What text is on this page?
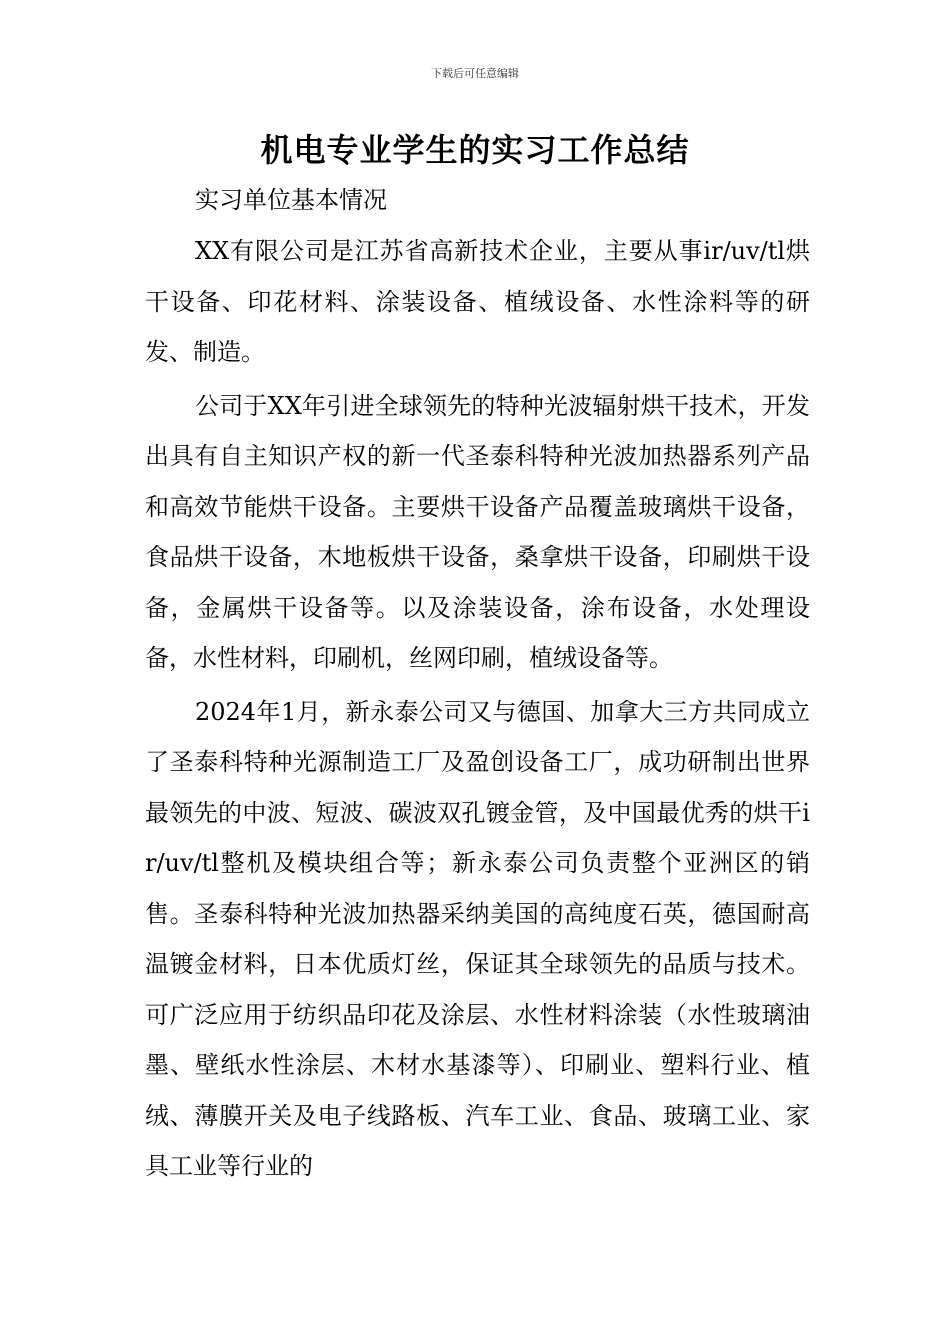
下载后可任意编辑
机电专业学生的实习工作总结

实习单位基本情况

XX有限公司是江苏省高新技术企业，主要从事ir/uv/tl烘干设备、印花材料、涂装设备、植绒设备、水性涂料等的研发、制造。

公司于XX年引进全球领先的特种光波辐射烘干技术，开发出具有自主知识产权的新一代圣泰科特种光波加热器系列产品和高效节能烘干设备。主要烘干设备产品覆盖玻璃烘干设备，食品烘干设备，木地板烘干设备，桑拿烘干设备，印刷烘干设备，金属烘干设备等。以及涂装设备，涂布设备，水处理设备，水性材料，印刷机，丝网印刷，植绒设备等。

2024年1月，新永泰公司又与德国、加拿大三方共同成立了圣泰科特种光源制造工厂及盈创设备工厂，成功研制出世界最领先的中波、短波、碳波双孔镀金管，及中国最优秀的烘干ir/uv/tl整机及模块组合等；新永泰公司负责整个亚洲区的销售。圣泰科特种光波加热器采纳美国的高纯度石英，德国耐高温镀金材料，日本优质灯丝，保证其全球领先的品质与技术。可广泛应用于纺织品印花及涂层、水性材料涂装（水性玻璃油墨、壁纸水性涂层、木材水基漆等）、印刷业、塑料行业、植绒、薄膜开关及电子线路板、汽车工业、食品、玻璃工业、家具工业等行业的
